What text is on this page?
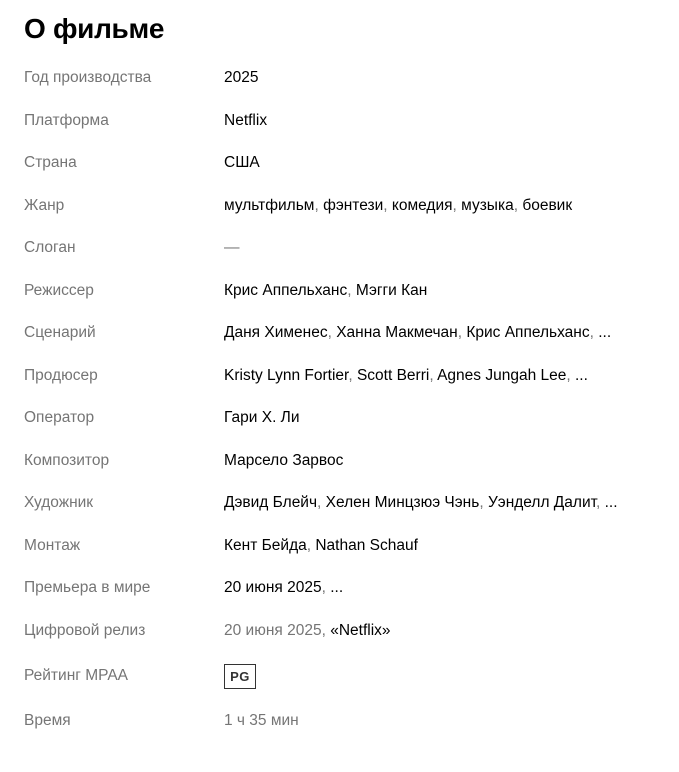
О фильме
Год производства	2025
Платформа	Netflix
Страна	США
Жанр	мультфильм, фэнтези, комедия, музыка, боевик
Слоган	—
Режиссер	Крис Аппельханс, Мэгги Кан
Сценарий	Даня Хименес, Ханна Макмечан, Крис Аппельханс, ...
Продюсер	Kristy Lynn Fortier, Scott Berri, Agnes Jungah Lee, ...
Оператор	Гари Х. Ли
Композитор	Марсело Зарвос
Художник	Дэвид Блейч, Хелен Минцзюэ Чэнь, Уэнделл Далит, ...
Монтаж	Кент Бейда, Nathan Schauf
Премьера в мире	20 июня 2025, ...
Цифровой релиз	20 июня 2025, «Netflix»
Рейтинг MPAA	PG
Время	1 ч 35 мин
